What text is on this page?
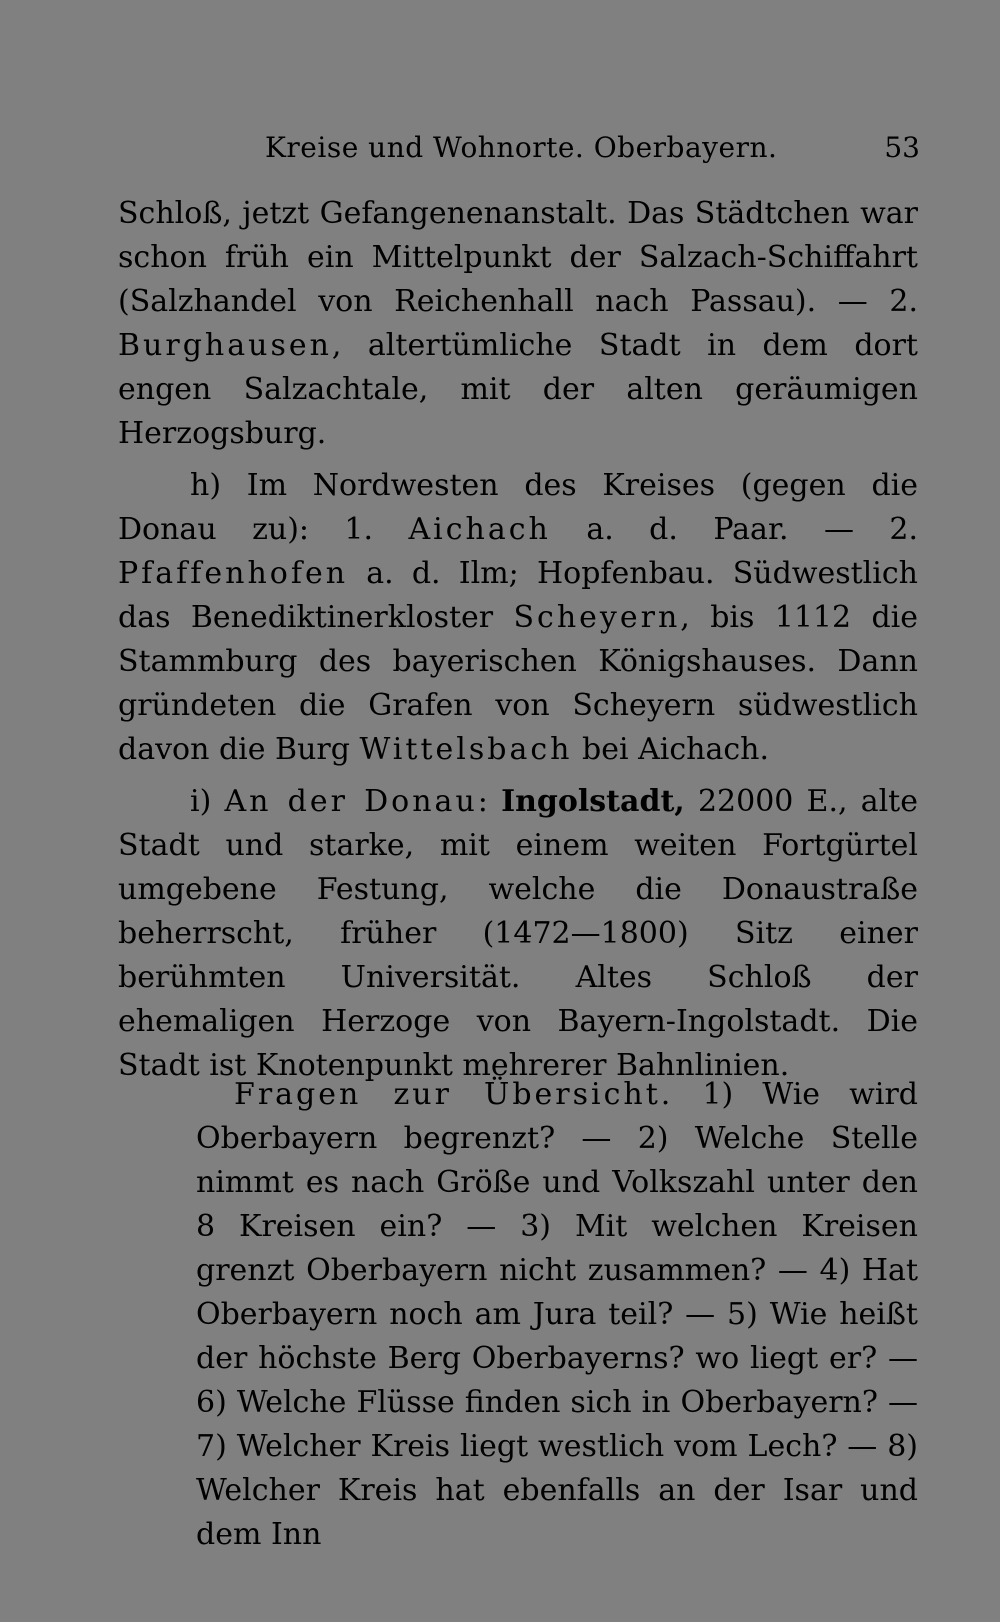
Kreise und Wohnorte. Oberbayern.	53

Schloß, jetzt Gefangenenanstalt. Das Städtchen war schon früh ein Mittelpunkt der Salzach-Schiffahrt (Salzhandel von Reichenhall nach Passau). — 2. Burghausen, altertümliche Stadt in dem dort engen Salzachtale, mit der alten geräumigen Herzogsburg.

h) Im Nordwesten des Kreises (gegen die Donau zu): 1. Aichach a. d. Paar. — 2. Pfaffenhofen a. d. Ilm; Hopfenbau. Südwestlich das Benediktinerkloster Scheyern, bis 1112 die Stammburg des bayerischen Königshauses. Dann gründeten die Grafen von Scheyern südwestlich davon die Burg Wittelsbach bei Aichach.

i) An der Donau: Ingolstadt, 22000 E., alte Stadt und starke, mit einem weiten Fortgürtel umgebene Festung, welche die Donaustraße beherrscht, früher (1472—1800) Sitz einer berühmten Universität. Altes Schloß der ehemaligen Herzoge von Bayern-Ingolstadt. Die Stadt ist Knotenpunkt mehrerer Bahnlinien.

Fragen zur Übersicht. 1) Wie wird Oberbayern begrenzt? — 2) Welche Stelle nimmt es nach Größe und Volkszahl unter den 8 Kreisen ein? — 3) Mit welchen Kreisen grenzt Oberbayern nicht zusammen? — 4) Hat Oberbayern noch am Jura teil? — 5) Wie heißt der höchste Berg Oberbayerns? wo liegt er? — 6) Welche Flüsse finden sich in Oberbayern? — 7) Welcher Kreis liegt westlich vom Lech? — 8) Welcher Kreis hat ebenfalls an der Isar und dem Inn
